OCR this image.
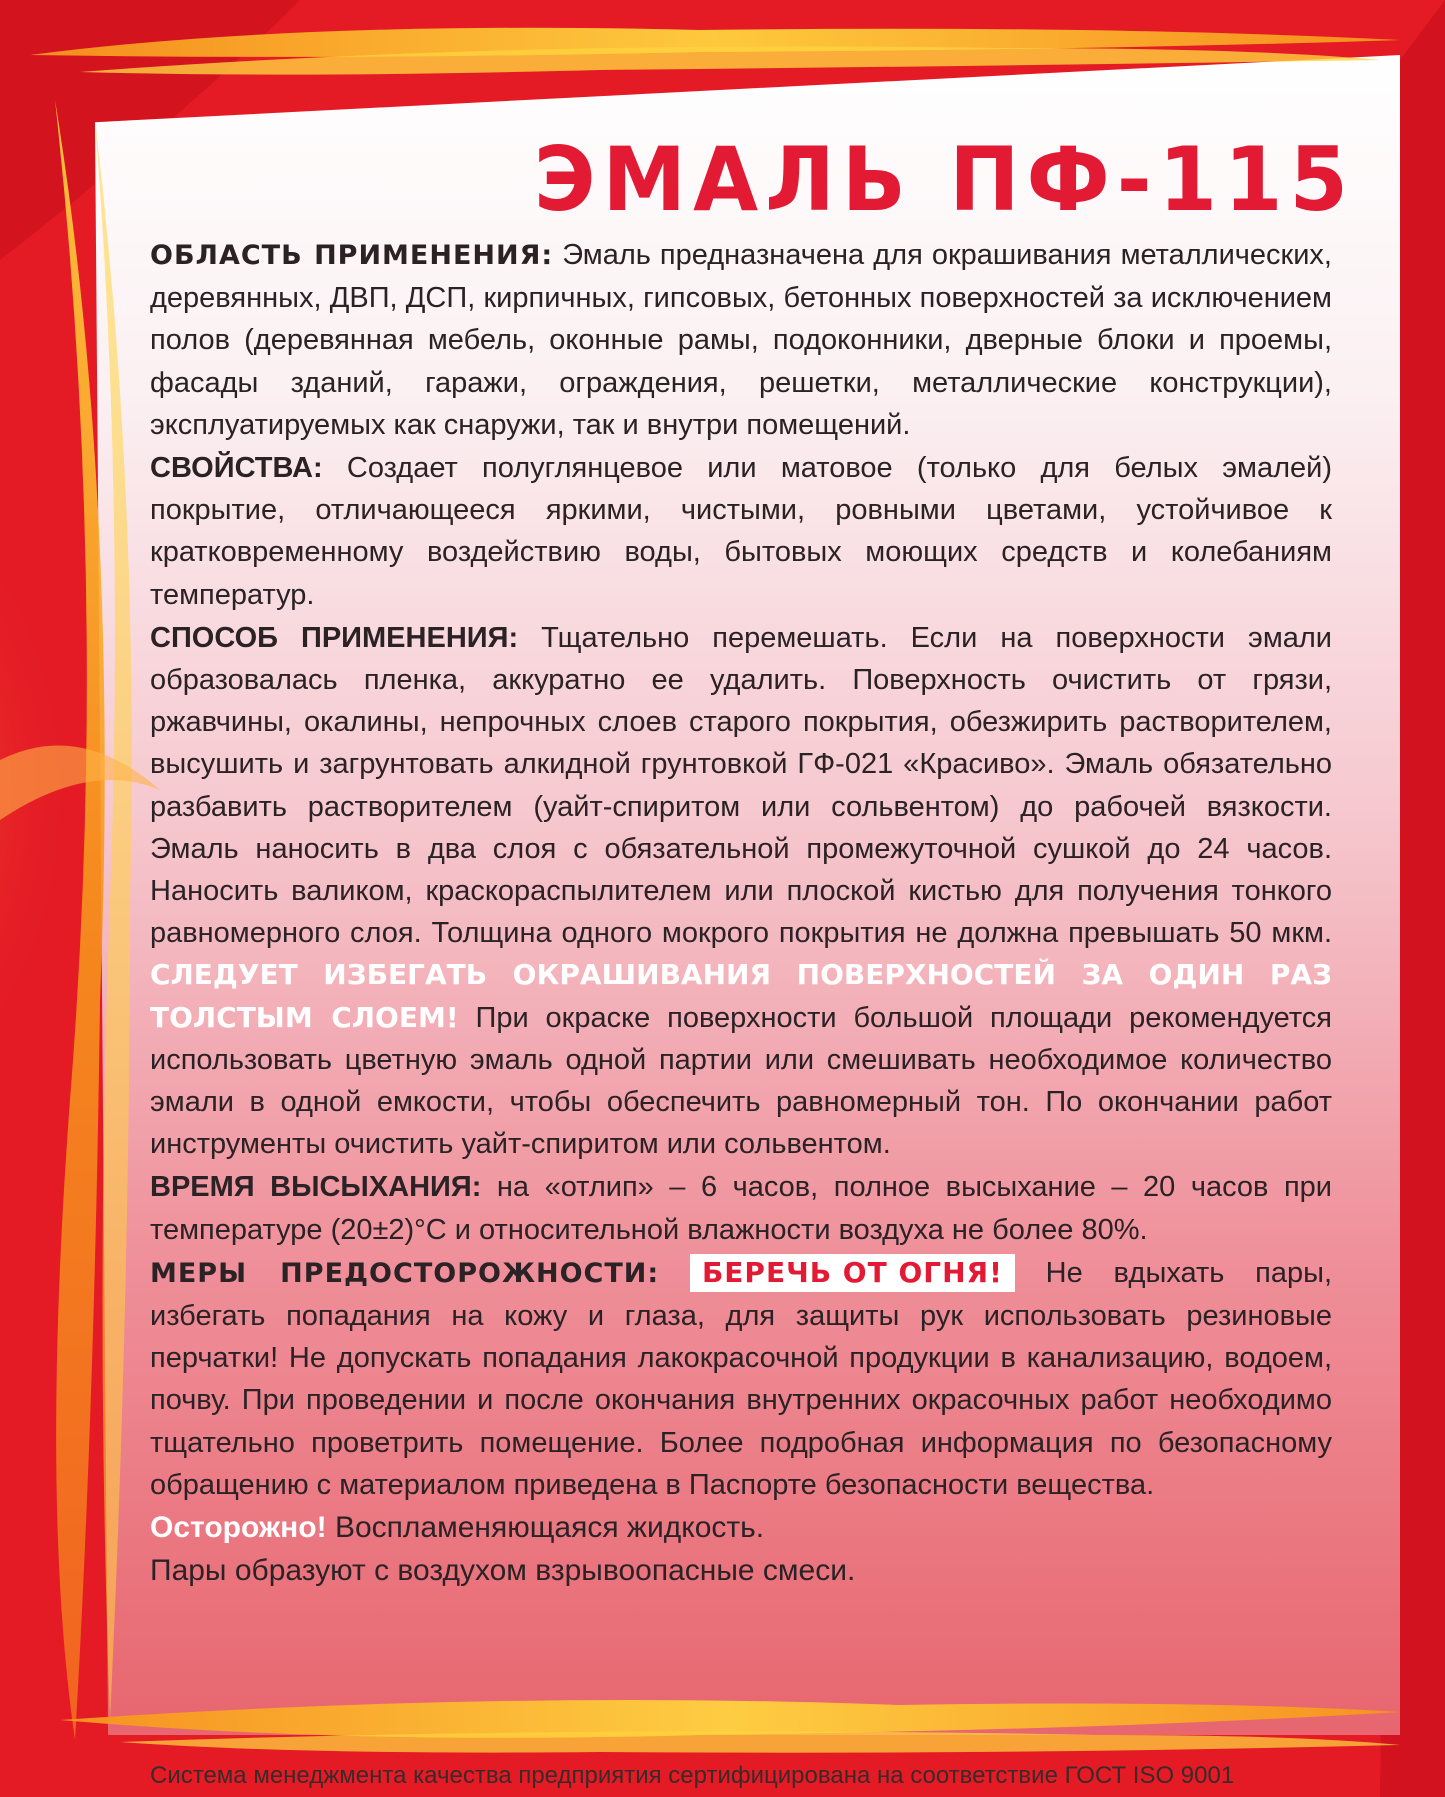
ЭМАЛЬ ПФ-115

ОБЛАСТЬ ПРИМЕНЕНИЯ: Эмаль предназначена для окрашивания металлических, деревянных, ДВП, ДСП, кирпичных, гипсовых, бетонных поверхностей за исключением полов (деревянная мебель, оконные рамы, подоконники, дверные блоки и проемы, фасады зданий, гаражи, ограждения, решетки, металлические конструкции), эксплуатируемых как снаружи, так и внутри помещений.

СВОЙСТВА: Создает полуглянцевое или матовое (только для белых эмалей) покрытие, отличающееся яркими, чистыми, ровными цветами, устойчивое к кратковременному воздействию воды, бытовых моющих средств и колебаниям температур.

СПОСОБ ПРИМЕНЕНИЯ: Тщательно перемешать. Если на поверхности эмали образовалась пленка, аккуратно ее удалить. Поверхность очистить от грязи, ржавчины, окалины, непрочных слоев старого покрытия, обезжирить растворителем, высушить и загрунтовать алкидной грунтовкой ГФ-021 «Красиво». Эмаль обязательно разбавить растворителем (уайт-спиритом или сольвентом) до рабочей вязкости. Эмаль наносить в два слоя с обязательной промежуточной сушкой до 24 часов. Наносить валиком, краскораспылителем или плоской кистью для получения тонкого равномерного слоя. Толщина одного мокрого покрытия не должна превышать 50 мкм. СЛЕДУЕТ ИЗБЕГАТЬ ОКРАШИВАНИЯ ПОВЕРХНОСТЕЙ ЗА ОДИН РАЗ ТОЛСТЫМ СЛОЕМ! При окраске поверхности большой площади рекомендуется использовать цветную эмаль одной партии или смешивать необходимое количество эмали в одной емкости, чтобы обеспечить равномерный тон. По окончании работ инструменты очистить уайт-спиритом или сольвентом.

ВРЕМЯ ВЫСЫХАНИЯ: на «отлип» – 6 часов, полное высыхание – 20 часов при температуре (20±2)°С и относительной влажности воздуха не более 80%.

МЕРЫ ПРЕДОСТОРОЖНОСТИ: БЕРЕЧЬ ОТ ОГНЯ! Не вдыхать пары, избегать попадания на кожу и глаза, для защиты рук использовать резиновые перчатки! Не допускать попадания лакокрасочной продукции в канализацию, водоем, почву. При проведении и после окончания внутренних окрасочных работ необходимо тщательно проветрить помещение. Более подробная информация по безопасному обращению с материалом приведена в Паспорте безопасности вещества.

Осторожно! Воспламеняющаяся жидкость.

Пары образуют с воздухом взрывоопасные смеси.

Система менеджмента качества предприятия сертифицирована на соответствие ГОСТ ISO 9001
